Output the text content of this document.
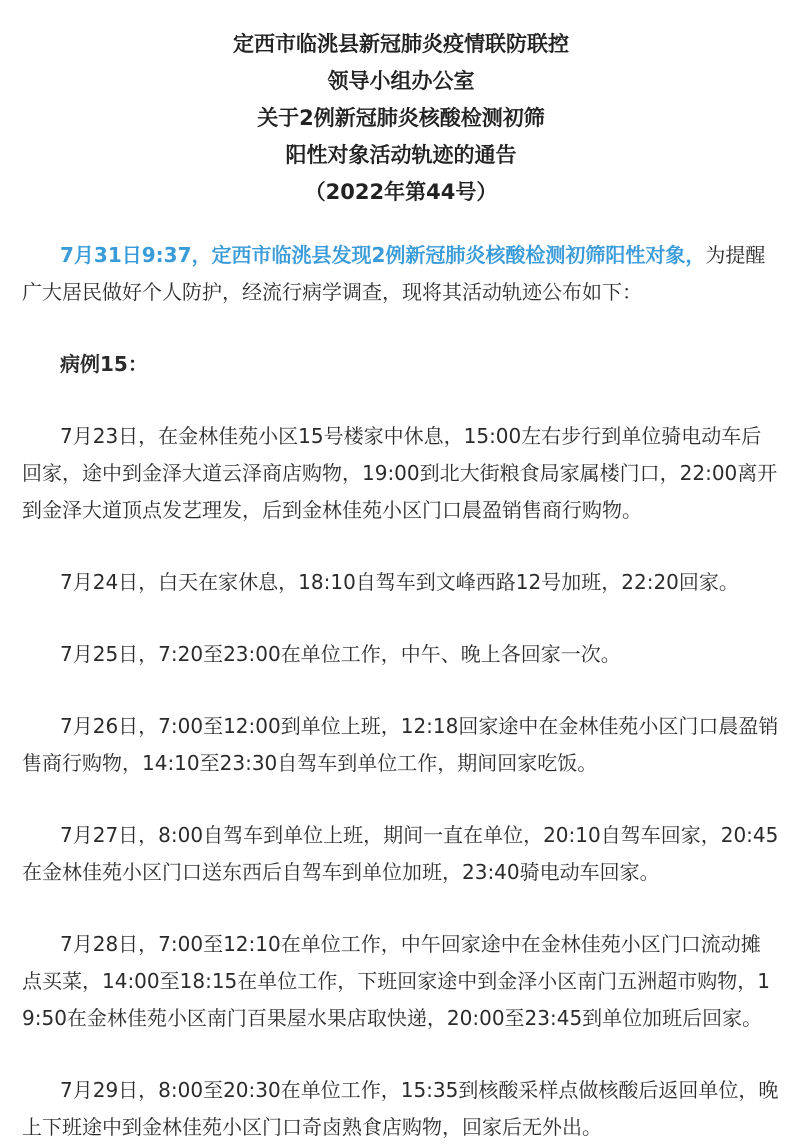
定西市临洮县新冠肺炎疫情联防联控
领导小组办公室
关于2例新冠肺炎核酸检测初筛
阳性对象活动轨迹的通告
（2022年第44号）

7月31日9:37，定西市临洮县发现2例新冠肺炎核酸检测初筛阳性对象，为提醒广大居民做好个人防护，经流行病学调查，现将其活动轨迹公布如下：

病例15：

7月23日，在金林佳苑小区15号楼家中休息，15:00左右步行到单位骑电动车后回家，途中到金泽大道云泽商店购物，19:00到北大街粮食局家属楼门口，22:00离开到金泽大道顶点发艺理发，后到金林佳苑小区门口晨盈销售商行购物。

7月24日，白天在家休息，18:10自驾车到文峰西路12号加班，22:20回家。

7月25日，7:20至23:00在单位工作，中午、晚上各回家一次。

7月26日，7:00至12:00到单位上班，12:18回家途中在金林佳苑小区门口晨盈销售商行购物，14:10至23:30自驾车到单位工作，期间回家吃饭。

7月27日，8:00自驾车到单位上班，期间一直在单位，20:10自驾车回家，20:45在金林佳苑小区门口送东西后自驾车到单位加班，23:40骑电动车回家。

7月28日，7:00至12:10在单位工作，中午回家途中在金林佳苑小区门口流动摊点买菜，14:00至18:15在单位工作，下班回家途中到金泽小区南门五洲超市购物，19:50在金林佳苑小区南门百果屋水果店取快递，20:00至23:45到单位加班后回家。

7月29日，8:00至20:30在单位工作，15:35到核酸采样点做核酸后返回单位，晚上下班途中到金林佳苑小区门口奇卤熟食店购物，回家后无外出。
